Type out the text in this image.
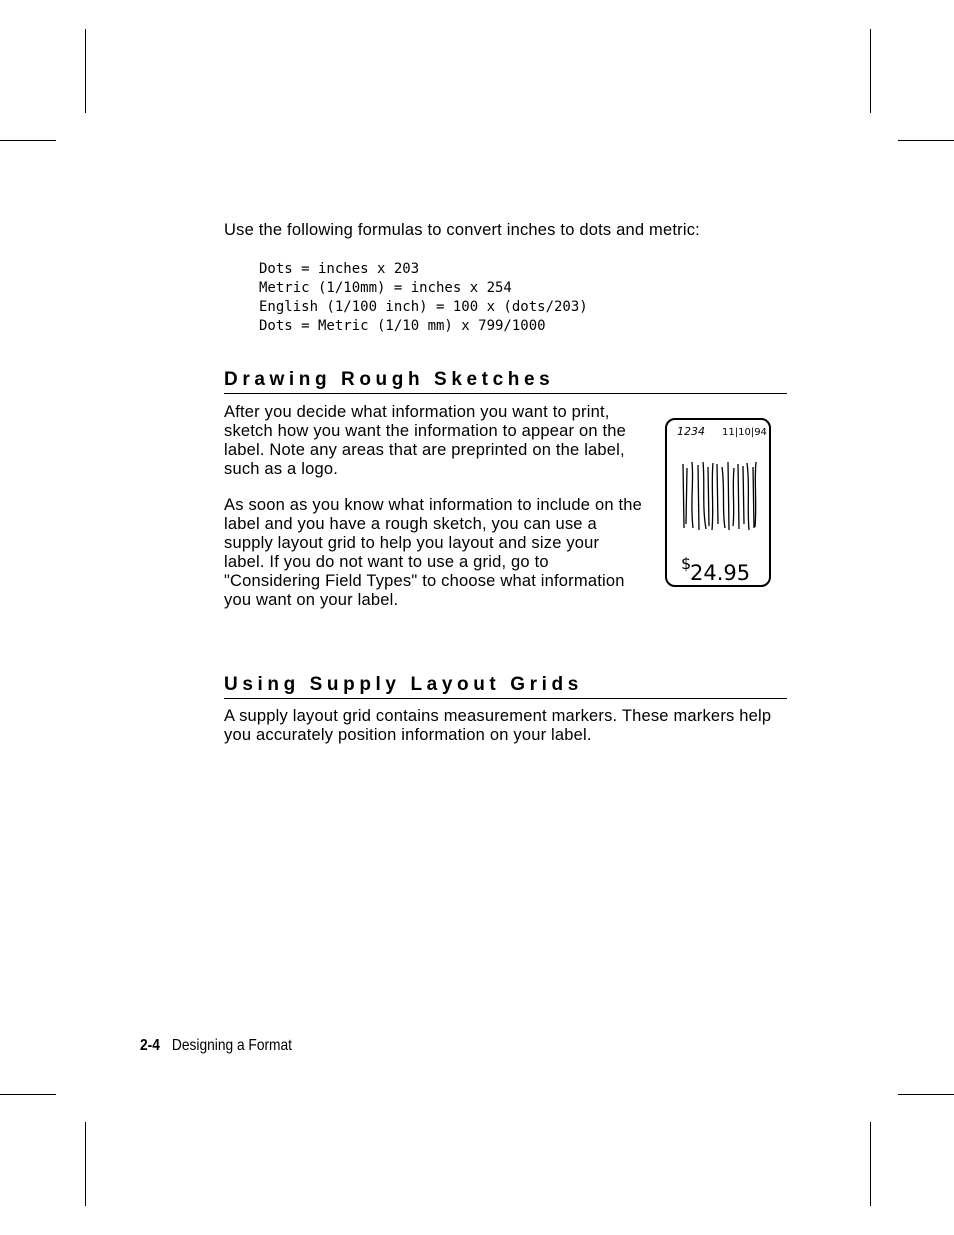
Use the following formulas to convert inches to dots and metric:

Dots = inches x 203
Metric (1/10mm) = inches x 254
English (1/100 inch) = 100 x (dots/203)
Dots = Metric (1/10 mm) x 799/1000
Drawing Rough Sketches

After you decide what information you want to print, sketch how you want the information to appear on the label. Note any areas that are preprinted on the label, such as a logo.

As soon as you know what information to include on the label and you have a rough sketch, you can use a supply layout grid to help you layout and size your label. If you do not want to use a grid, go to "Considering Field Types" to choose what information you want on your label.

1234 11|10|94
$
24.95
Using Supply Layout Grids

A supply layout grid contains measurement markers. These markers help you accurately position information on your label.

2-4 Designing a Format
